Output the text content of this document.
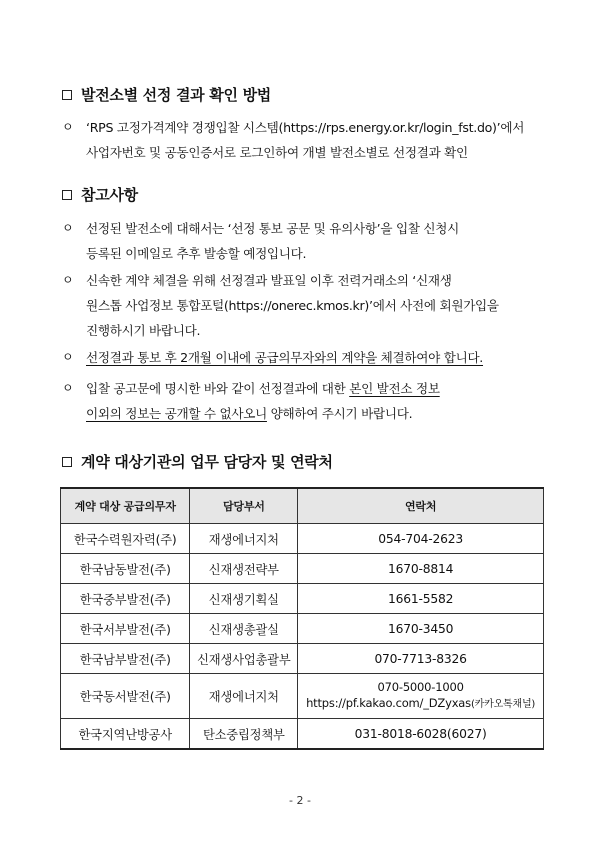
발전소별 선정 결과 확인 방법
ㅇ	‘RPS 고정가격계약 경쟁입찰 시스템(https://rps.energy.or.kr/login_fst.do)’에서
사업자번호 및 공동인증서로 로그인하여 개별 발전소별로 선정결과 확인
참고사항
ㅇ	선정된 발전소에 대해서는 ‘선정 통보 공문 및 유의사항’을 입찰 신청시
등록된 이메일로 추후 발송할 예정입니다.
ㅇ	신속한 계약 체결을 위해 선정결과 발표일 이후 전력거래소의 ‘신재생
원스톱 사업정보 통합포털(https://onerec.kmos.kr)’에서 사전에 회원가입을
진행하시기 바랍니다.
ㅇ	선정결과 통보 후 2개월 이내에 공급의무자와의 계약을 체결하여야 합니다.
ㅇ	입찰 공고문에 명시한 바와 같이 선정결과에 대한 본인 발전소 정보
이외의 정보는 공개할 수 없사오니 양해하여 주시기 바랍니다.
계약 대상기관의 업무 담당자 및 연락처
계약 대상 공급의무자	담당부서	연락처
한국수력원자력(주)	재생에너지처	054-704-2623
한국남동발전(주)	신재생전략부	1670-8814
한국중부발전(주)	신재생기획실	1661-5582
한국서부발전(주)	신재생총괄실	1670-3450
한국남부발전(주)	신재생사업총괄부	070-7713-8326
한국동서발전(주)	재생에너지처	070-5000-1000
https://pf.kakao.com/_DZyxas(카카오톡채널)

한국지역난방공사	탄소중립정책부	031-8018-6028(6027)
- 2 -
